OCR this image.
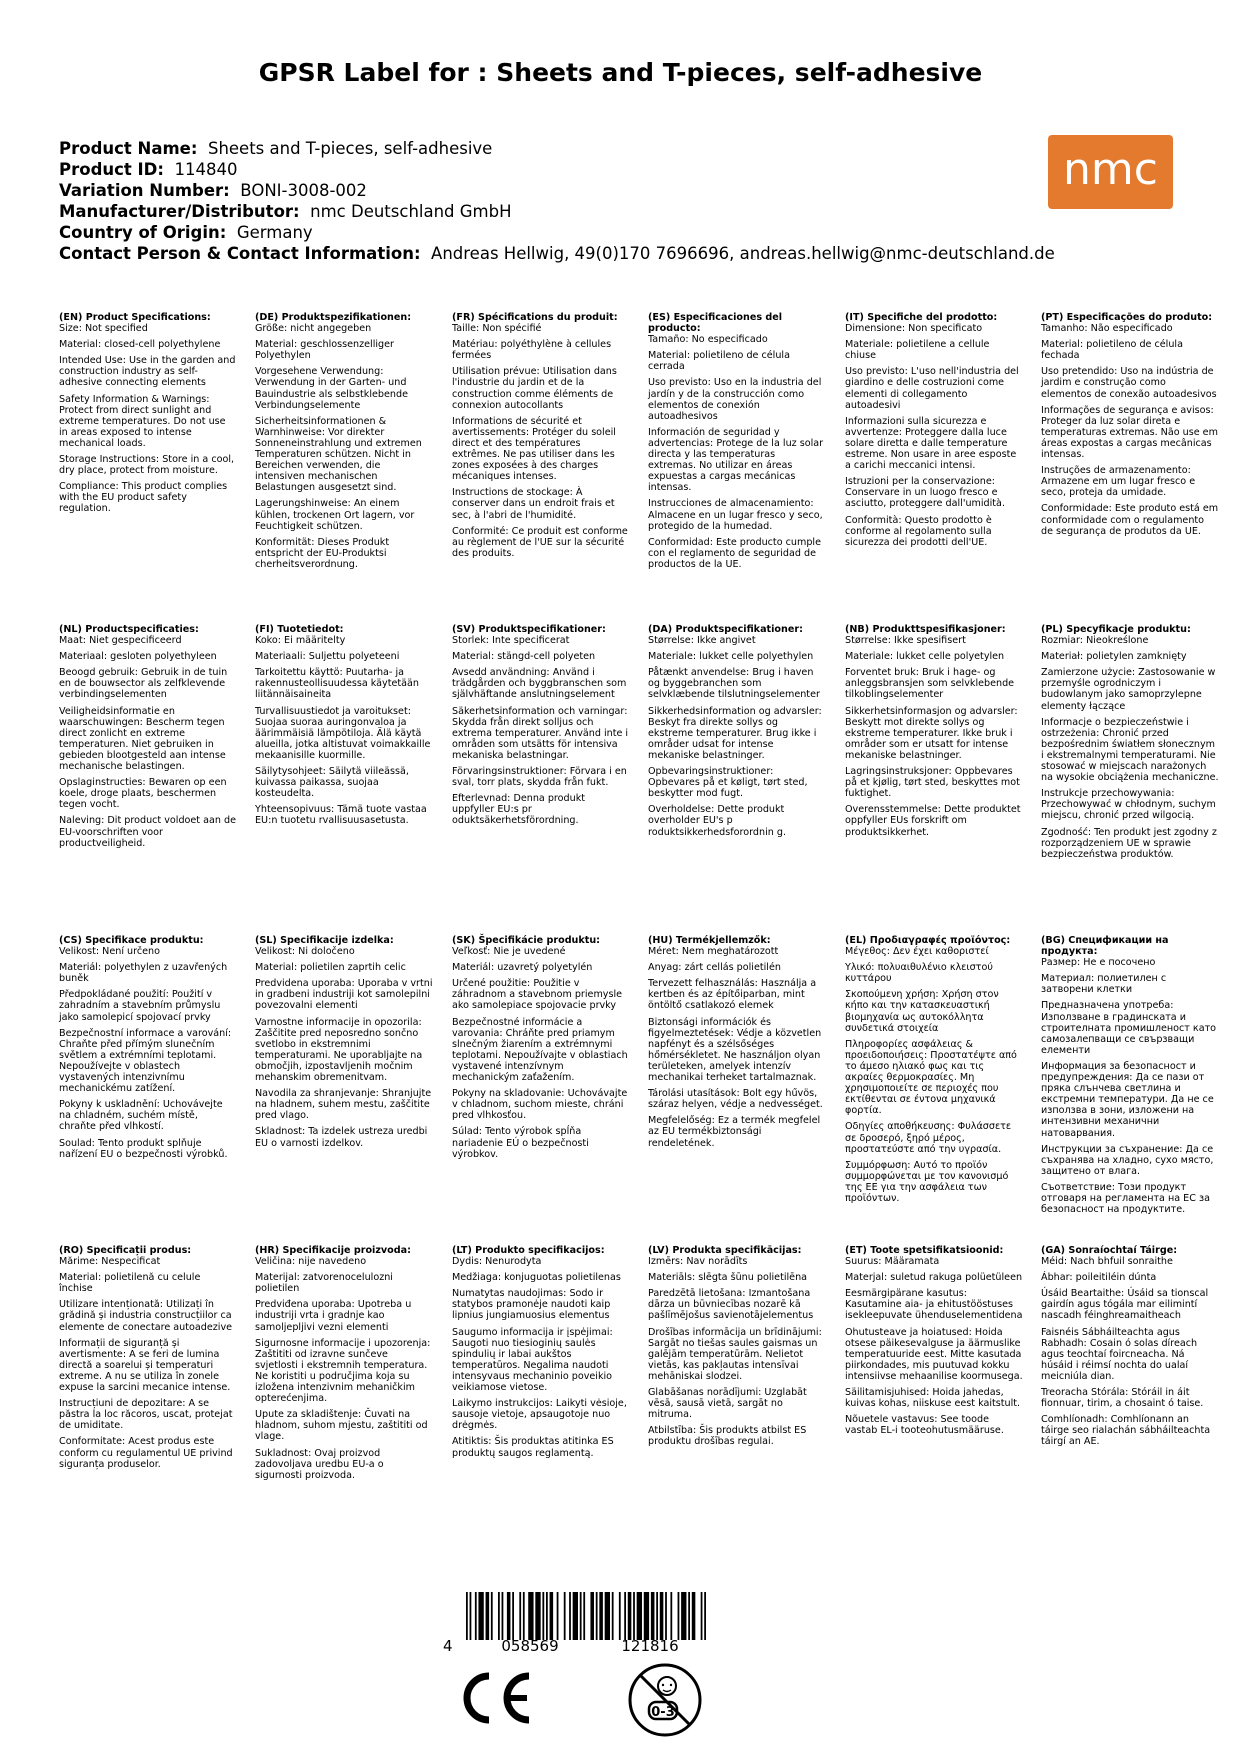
GPSR Label for : Sheets and T-pieces, self-adhesive
Product Name: Sheets and T-pieces, self-adhesive
Product ID: 114840
Variation Number: BONI-3008-002
Manufacturer/Distributor: nmc Deutschland GmbH
Country of Origin: Germany
Contact Person & Contact Information: Andreas Hellwig, 49(0)170 7696696, andreas.hellwig@nmc-deutschland.de
nmc
(EN) Product Specifications:

Size: Not specified

Material: closed-cell polyethylene

Intended Use: Use in the garden and construction industry as self-adhesive connecting elements

Safety Information & Warnings: Protect from direct sunlight and extreme temperatures. Do not use in areas exposed to intense mechanical loads.

Storage Instructions: Store in a cool, dry place, protect from moisture.

Compliance: This product complies with the EU product safety regulation.

(DE) Produktspezifikationen:

Größe: nicht angegeben

Material: geschlossenzelliger Polyethylen

Vorgesehene Verwendung: Verwendung in der Garten- und Bauindustrie als selbstklebende Verbindungselemente

Sicherheitsinformationen & Warnhinweise: Vor direkter Sonneneinstrahlung und extremen Temperaturen schützen. Nicht in Bereichen verwenden, die intensiven mechanischen Belastungen ausgesetzt sind.

Lagerungshinweise: An einem kühlen, trockenen Ort lagern, vor Feuchtigkeit schützen.

Konformität: Dieses Produkt entspricht der EU-Produktsi cherheitsverordnung.

(FR) Spécifications du produit:

Taille: Non spécifié

Matériau: polyéthylène à cellules fermées

Utilisation prévue: Utilisation dans l'industrie du jardin et de la construction comme éléments de connexion autocollants

Informations de sécurité et avertissements: Protéger du soleil direct et des températures extrêmes. Ne pas utiliser dans les zones exposées à des charges mécaniques intenses.

Instructions de stockage: À conserver dans un endroit frais et sec, à l'abri de l'humidité.

Conformité: Ce produit est conforme au règlement de l'UE sur la sécurité des produits.

(ES) Especificaciones del producto:

Tamaño: No especificado

Material: polietileno de célula cerrada

Uso previsto: Uso en la industria del jardín y de la construcción como elementos de conexión autoadhesivos

Información de seguridad y advertencias: Protege de la luz solar directa y las temperaturas extremas. No utilizar en áreas expuestas a cargas mecánicas intensas.

Instrucciones de almacenamiento: Almacene en un lugar fresco y seco, protegido de la humedad.

Conformidad: Este producto cumple con el reglamento de seguridad de productos de la UE.

(IT) Specifiche del prodotto:

Dimensione: Non specificato

Materiale: polietilene a cellule chiuse

Uso previsto: L'uso nell'industria del giardino e delle costruzioni come elementi di collegamento autoadesivi

Informazioni sulla sicurezza e avvertenze: Proteggere dalla luce solare diretta e dalle temperature estreme. Non usare in aree esposte a carichi meccanici intensi.

Istruzioni per la conservazione: Conservare in un luogo fresco e asciutto, proteggere dall'umidità.

Conformità: Questo prodotto è conforme al regolamento sulla sicurezza dei prodotti dell'UE.

(PT) Especificações do produto:

Tamanho: Não especificado

Material: polietileno de célula fechada

Uso pretendido: Uso na indústria de jardim e construção como elementos de conexão autoadesivos

Informações de segurança e avisos: Proteger da luz solar direta e temperaturas extremas. Não use em áreas expostas a cargas mecânicas intensas.

Instruções de armazenamento: Armazene em um lugar fresco e seco, proteja da umidade.

Conformidade: Este produto está em conformidade com o regulamento de segurança de produtos da UE.

(NL) Productspecificaties:

Maat: Niet gespecificeerd

Materiaal: gesloten polyethyleen

Beoogd gebruik: Gebruik in de tuin en de bouwsector als zelfklevende verbindingselementen

Veiligheidsinformatie en waarschuwingen: Bescherm tegen direct zonlicht en extreme temperaturen. Niet gebruiken in gebieden blootgesteld aan intense mechanische belastingen.

Opslaginstructies: Bewaren op een koele, droge plaats, beschermen tegen vocht.

Naleving: Dit product voldoet aan de EU-voorschriften voor productveiligheid.

(FI) Tuotetiedot:

Koko: Ei määritelty

Materiaali: Suljettu polyeteeni

Tarkoitettu käyttö: Puutarha- ja rakennusteollisuudessa käytetään liitännäisaineita

Turvallisuustiedot ja varoitukset: Suojaa suoraa auringonvaloa ja äärimmäisiä lämpötiloja. Älä käytä alueilla, jotka altistuvat voimakkaille mekaanisille kuormille.

Säilytysohjeet: Säilytä viileässä, kuivassa paikassa, suojaa kosteudelta.

Yhteensopivuus: Tämä tuote vastaa EU:n tuotetu rvallisuusasetusta.

(SV) Produktspecifikationer:

Storlek: Inte specificerat

Material: stängd-cell polyeten

Avsedd användning: Använd i trädgården och byggbranschen som självhäftande anslutningselement

Säkerhetsinformation och varningar: Skydda från direkt solljus och extrema temperaturer. Använd inte i områden som utsätts för intensiva mekaniska belastningar.

Förvaringsinstruktioner: Förvara i en sval, torr plats, skydda från fukt.

Efterlevnad: Denna produkt uppfyller EU:s pr oduktsäkerhetsförordning.

(DA) Produktspecifikationer:

Størrelse: Ikke angivet

Materiale: lukket celle polyethylen

Påtænkt anvendelse: Brug i haven og byggebranchen som selvklæbende tilslutningselementer

Sikkerhedsinformation og advarsler: Beskyt fra direkte sollys og ekstreme temperaturer. Brug ikke i områder udsat for intense mekaniske belastninger.

Opbevaringsinstruktioner: Opbevares på et køligt, tørt sted, beskytter mod fugt.

Overholdelse: Dette produkt overholder EU's p roduktsikkerhedsforordnin g.

(NB) Produkttspesifikasjoner:

Størrelse: Ikke spesifisert

Materiale: lukket celle polyetylen

Forventet bruk: Bruk i hage- og anleggsbransjen som selvklebende tilkoblingselementer

Sikkerhetsinformasjon og advarsler: Beskytt mot direkte sollys og ekstreme temperaturer. Ikke bruk i områder som er utsatt for intense mekaniske belastninger.

Lagringsinstruksjoner: Oppbevares på et kjølig, tørt sted, beskyttes mot fuktighet.

Overensstemmelse: Dette produktet oppfyller EUs forskrift om produktsikkerhet.

(PL) Specyfikacje produktu:

Rozmiar: Nieokreślone

Materiał: polietylen zamknięty

Zamierzone użycie: Zastosowanie w przemyśle ogrodniczym i budowlanym jako samoprzylepne elementy łączące

Informacje o bezpieczeństwie i ostrzeżenia: Chronić przed bezpośrednim światłem słonecznym i ekstremalnymi temperaturami. Nie stosować w miejscach narażonych na wysokie obciążenia mechaniczne.

Instrukcje przechowywania: Przechowywać w chłodnym, suchym miejscu, chronić przed wilgocią.

Zgodność: Ten produkt jest zgodny z rozporządzeniem UE w sprawie bezpieczeństwa produktów.

(CS) Specifikace produktu:

Velikost: Není určeno

Materiál: polyethylen z uzavřených buněk

Předpokládané použití: Použití v zahradním a stavebním průmyslu jako samolepicí spojovací prvky

Bezpečnostní informace a varování: Chraňte před přímým slunečním světlem a extrémními teplotami. Nepoužívejte v oblastech vystavených intenzivnímu mechanickému zatížení.

Pokyny k uskladnění: Uchovávejte na chladném, suchém místě, chraňte před vlhkostí.

Soulad: Tento produkt splňuje nařízení EU o bezpečnosti výrobků.

(SL) Specifikacije izdelka:

Velikost: Ni določeno

Material: polietilen zaprtih celic

Predvidena uporaba: Uporaba v vrtni in gradbeni industriji kot samolepilni povezovalni elementi

Varnostne informacije in opozorila: Zaščitite pred neposredno sončno svetlobo in ekstremnimi temperaturami. Ne uporabljajte na območjih, izpostavljenih močnim mehanskim obremenitvam.

Navodila za shranjevanje: Shranjujte na hladnem, suhem mestu, zaščitite pred vlago.

Skladnost: Ta izdelek ustreza uredbi EU o varnosti izdelkov.

(SK) Špecifikácie produktu:

Veľkosť: Nie je uvedené

Materiál: uzavretý polyetylén

Určené použitie: Použitie v záhradnom a stavebnom priemysle ako samolepiace spojovacie prvky

Bezpečnostné informácie a varovania: Chráňte pred priamym slnečným žiarením a extrémnymi teplotami. Nepoužívajte v oblastiach vystavené intenzívnym mechanickým zaťažením.

Pokyny na skladovanie: Uchovávajte v chladnom, suchom mieste, chráni pred vlhkosťou.

Súlad: Tento výrobok spĺňa nariadenie EÚ o bezpečnosti výrobkov.

(HU) Termékjellemzők:

Méret: Nem meghatározott

Anyag: zárt cellás polietilén

Tervezett felhasználás: Használja a kertben és az építőiparban, mint öntöltő csatlakozó elemek

Biztonsági információk és figyelmeztetések: Védje a közvetlen napfényt és a szélsőséges hőmérsékletet. Ne használjon olyan területeken, amelyek intenzív mechanikai terheket tartalmaznak.

Tárolási utasítások: Bolt egy hűvös, száraz helyen, védje a nedvességet.

Megfelelőség: Ez a termék megfelel az EU termékbiztonsági rendeletének.

(EL) Προδιαγραφές προϊόντος:

Μέγεθος: Δεν έχει καθοριστεί

Υλικό: πολυαιθυλένιο κλειστού κυττάρου

Σκοπούμενη χρήση: Χρήση στον κήπο και την κατασκευαστική βιομηχανία ως αυτοκόλλητα συνδετικά στοιχεία

Πληροφορίες ασφάλειας & προειδοποιήσεις: Προστατέψτε από το άμεσο ηλιακό φως και τις ακραίες θερμοκρασίες. Μη χρησιμοποιείτε σε περιοχές που εκτίθενται σε έντονα μηχανικά φορτία.

Οδηγίες αποθήκευσης: Φυλάσσετε σε δροσερό, ξηρό μέρος, προστατεύστε από την υγρασία.

Συμμόρφωση: Αυτό το προϊόν συμμορφώνεται με τον κανονισμό της ΕΕ για την ασφάλεια των προϊόντων.

(BG) Спецификации на продукта:

Размер: Не е посочено

Материал: полиетилен с затворени клетки

Предназначена употреба: Използване в градинската и строителната промишленост като самозалепващи се свързващи елементи

Информация за безопасност и предупреждения: Да се пази от пряка слънчева светлина и екстремни температури. Да не се използва в зони, изложени на интензивни механични натоварвания.

Инструкции за съхранение: Да се съхранява на хладно, сухо място, защитено от влага.

Съответствие: Този продукт отговаря на регламента на ЕС за безопасност на продуктите.

(RO) Specificații produs:

Mărime: Nespecificat

Material: polietilenă cu celule închise

Utilizare intenționată: Utilizați în grădină și industria construcțiilor ca elemente de conectare autoadezive

Informații de siguranță și avertismente: A se feri de lumina directă a soarelui și temperaturi extreme. A nu se utiliza în zonele expuse la sarcini mecanice intense.

Instrucțiuni de depozitare: A se păstra la loc răcoros, uscat, protejat de umiditate.

Conformitate: Acest produs este conform cu regulamentul UE privind siguranța produselor.

(HR) Specifikacije proizvoda:

Veličina: nije navedeno

Materijal: zatvorenocelulozni polietilen

Predviđena uporaba: Upotreba u industriji vrta i gradnje kao samoljepljivi vezni elementi

Sigurnosne informacije i upozorenja: Zaštititi od izravne sunčeve svjetlosti i ekstremnih temperatura. Ne koristiti u područjima koja su izložena intenzivnim mehaničkim opterećenjima.

Upute za skladištenje: Čuvati na hladnom, suhom mjestu, zaštititi od vlage.

Sukladnost: Ovaj proizvod zadovoljava uredbu EU-a o sigurnosti proizvoda.

(LT) Produkto specifikacijos:

Dydis: Nenurodyta

Medžiaga: konjuguotas polietilenas

Numatytas naudojimas: Sodo ir statybos pramonėje naudoti kaip lipnius jungiamuosius elementus

Saugumo informacija ir įspėjimai: Saugoti nuo tiesioginių saulės spindulių ir labai aukštos temperatūros. Negalima naudoti intensyvaus mechaninio poveikio veikiamose vietose.

Laikymo instrukcijos: Laikyti vėsioje, sausoje vietoje, apsaugotoje nuo drėgmės.

Atitiktis: Šis produktas atitinka ES produktų saugos reglamentą.

(LV) Produkta specifikācijas:

Izmērs: Nav norādīts

Materiāls: slēgta šūnu polietilēna

Paredzētā lietošana: Izmantošana dārza un būvniecības nozarē kā pašlīmējošus savienotājelementus

Drošības informācija un brīdinājumi: Sargāt no tiešas saules gaismas un galējām temperatūrām. Nelietot vietās, kas pakļautas intensīvai mehāniskai slodzei.

Glabāšanas norādījumi: Uzglabāt vēsā, sausā vietā, sargāt no mitruma.

Atbilstība: Šis produkts atbilst ES produktu drošības regulai.

(ET) Toote spetsifikatsioonid:

Suurus: Määramata

Materjal: suletud rakuga polüetüleen

Eesmärgipärane kasutus: Kasutamine aia- ja ehitustööstuses isekleepuvate ühenduselementidena

Ohutusteave ja hoiatused: Hoida otsese päikesevalguse ja äärmuslike temperatuuride eest. Mitte kasutada piirkondades, mis puutuvad kokku intensiivse mehaanilise koormusega.

Säilitamisjuhised: Hoida jahedas, kuivas kohas, niiskuse eest kaitstult.

Nõuetele vastavus: See toode vastab EL-i tooteohutusmääruse.

(GA) Sonraíochtaí Táirge:

Méid: Nach bhfuil sonraithe

Ábhar: poileitiléin dúnta

Úsáid Beartaithe: Úsáid sa tionscal gairdín agus tógála mar eilimintí nascadh féinghreamaitheach

Faisnéis Sábháilteachta agus Rabhadh: Cosain ó solas díreach agus teochtaí foircneacha. Ná húsáid i réimsí nochta do ualaí meicniúla dian.

Treoracha Stórála: Stóráil in áit fionnuar, tirim, a chosaint ó taise.

Comhlíonadh: Comhlíonann an táirge seo rialachán sábháilteachta táirgí an AE.

4	058569	121816
0-3
